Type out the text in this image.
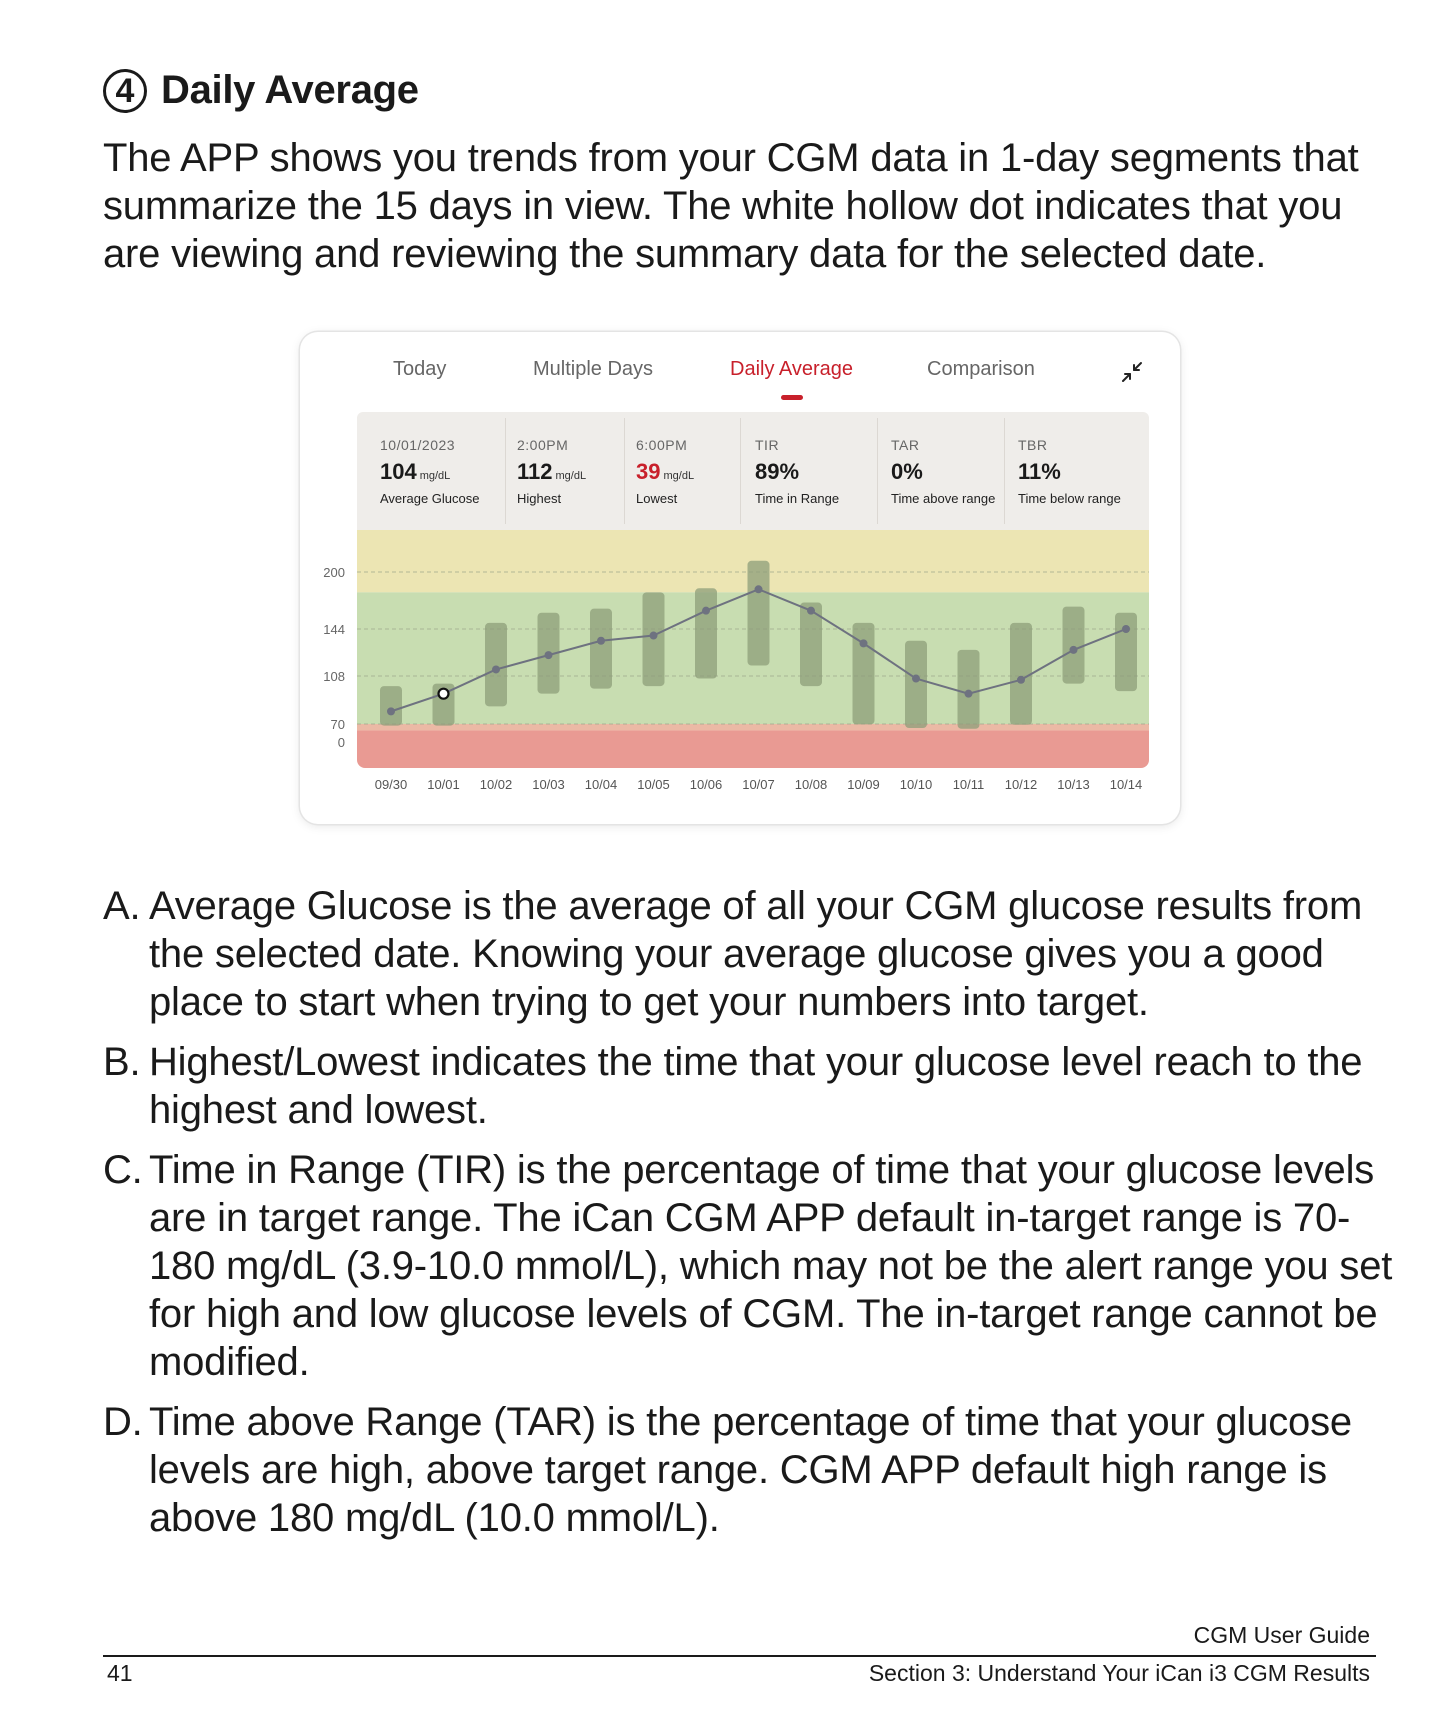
4 Daily Average

The APP shows you trends from your CGM data in 1-day segments that summarize the 15 days in view. The white hollow dot indicates that you are viewing and reviewing the summary data for the selected date.

Today	Multiple Days	Daily Average	Comparison
10/01/2023
104 mg/dL
Average Glucose
2:00PM
112 mg/dL
Highest
6:00PM
39 mg/dL
Lowest
TIR
89%
Time in Range
TAR
0%
Time above range
TBR
11%
Time below range
200
144
108
70
0
09/30 10/01 10/02 10/03 10/04 10/05 10/06 10/07 10/08 10/09 10/10 10/11 10/12 10/13 10/14
A. Average Glucose is the average of all your CGM glucose results from the selected date. Knowing your average glucose gives you a good place to start when trying to get your numbers into target.
B. Highest/Lowest indicates the time that your glucose level reach to the highest and lowest.
C. Time in Range (TIR) is the percentage of time that your glucose levels are in target range. The iCan CGM APP default in-target range is 70-180 mg/dL (3.9-10.0 mmol/L), which may not be the alert range you set for high and low glucose levels of CGM. The in-target range cannot be modified.
D. Time above Range (TAR) is the percentage of time that your glucose levels are high, above target range. CGM APP default high range is above 180 mg/dL (10.0 mmol/L).
CGM User Guide
41	Section 3: Understand Your iCan i3 CGM Results
